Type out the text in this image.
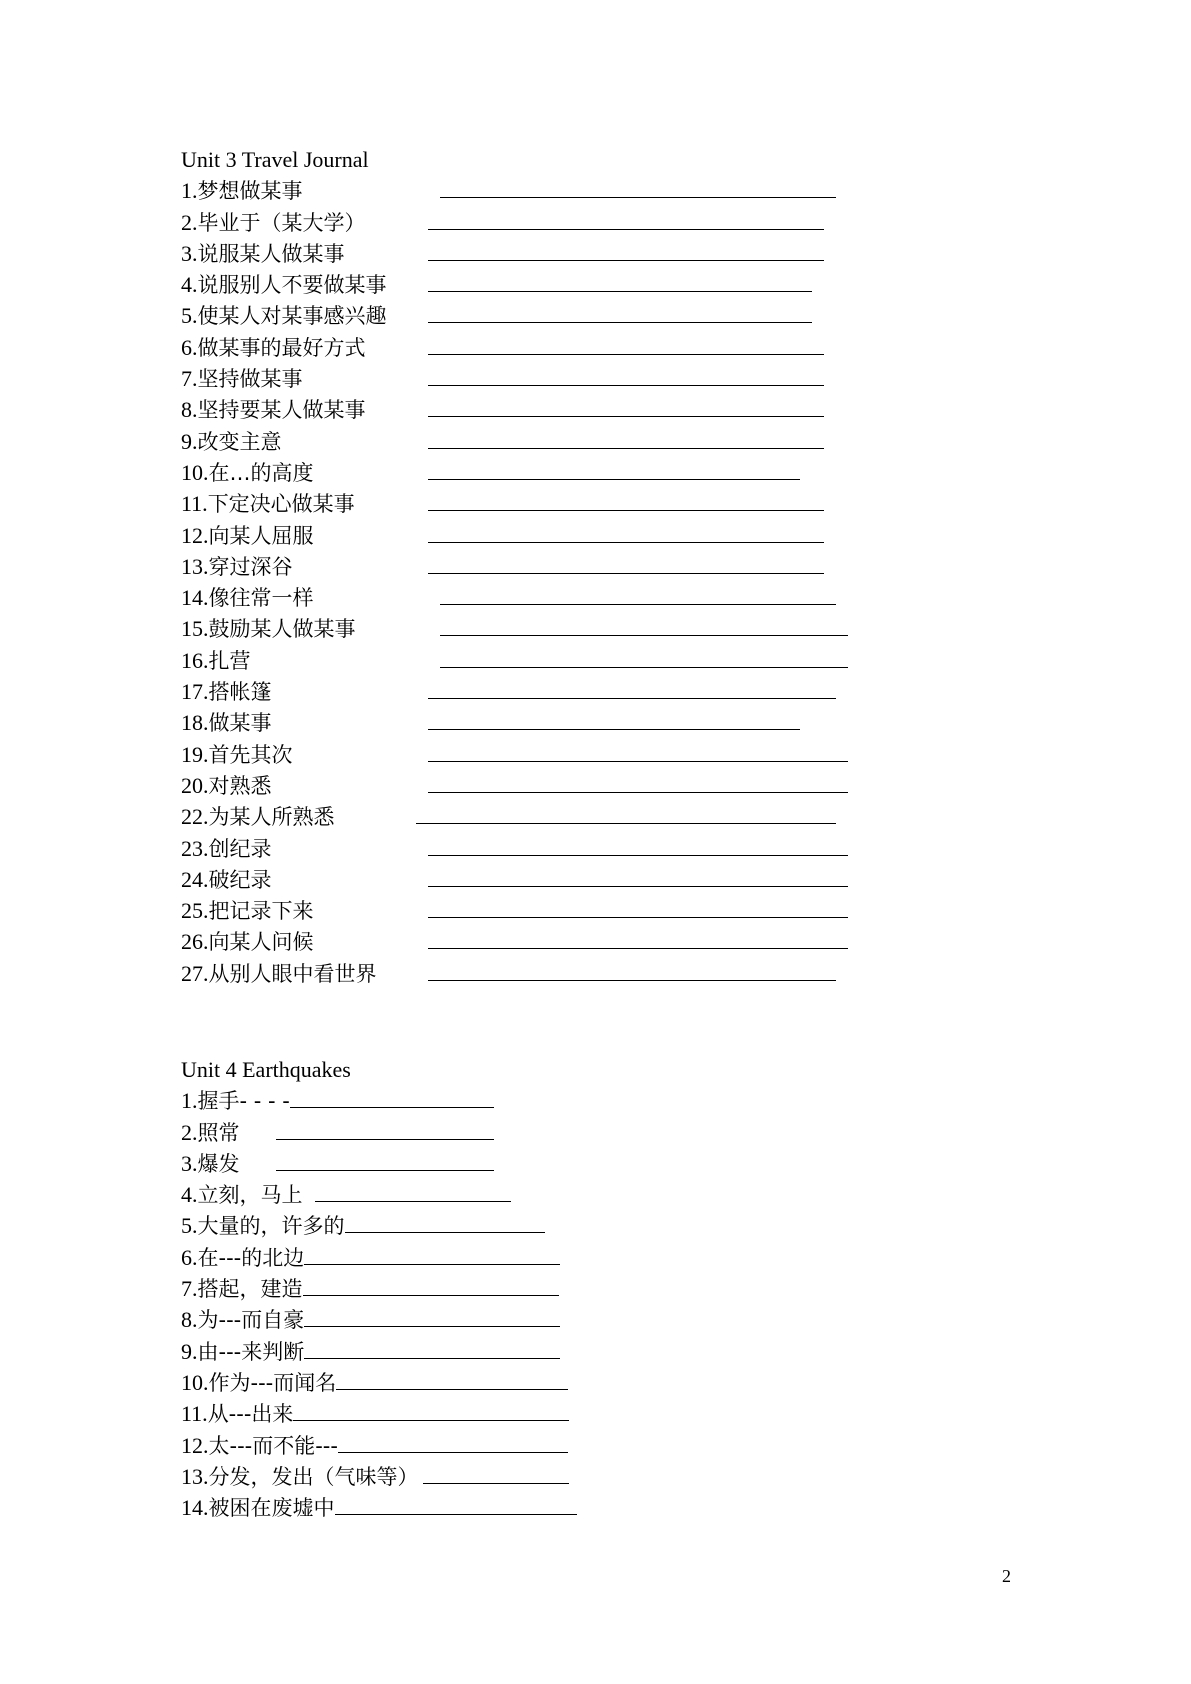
Unit 3 Travel Journal
1.梦想做某事
2.毕业于（某大学）
3.说服某人做某事
4.说服别人不要做某事
5.使某人对某事感兴趣
6.做某事的最好方式
7.坚持做某事
8.坚持要某人做某事
9.改变主意
10.在…的高度
11.下定决心做某事
12.向某人屈服
13.穿过深谷
14.像往常一样
15.鼓励某人做某事
16.扎营
17.搭帐篷
18.做某事
19.首先其次
20.对熟悉
22.为某人所熟悉
23.创纪录
24.破纪录
25.把记录下来
26.向某人问候
27.从别人眼中看世界
Unit 4 Earthquakes
1.握手- - - -
2.照常
3.爆发
4.立刻，马上
5.大量的，许多的
6.在---的北边
7.搭起，建造
8.为---而自豪
9.由---来判断
10.作为---而闻名
11.从---出来
12.太---而不能---
13.分发，发出（气味等）
14.被困在废墟中
2
